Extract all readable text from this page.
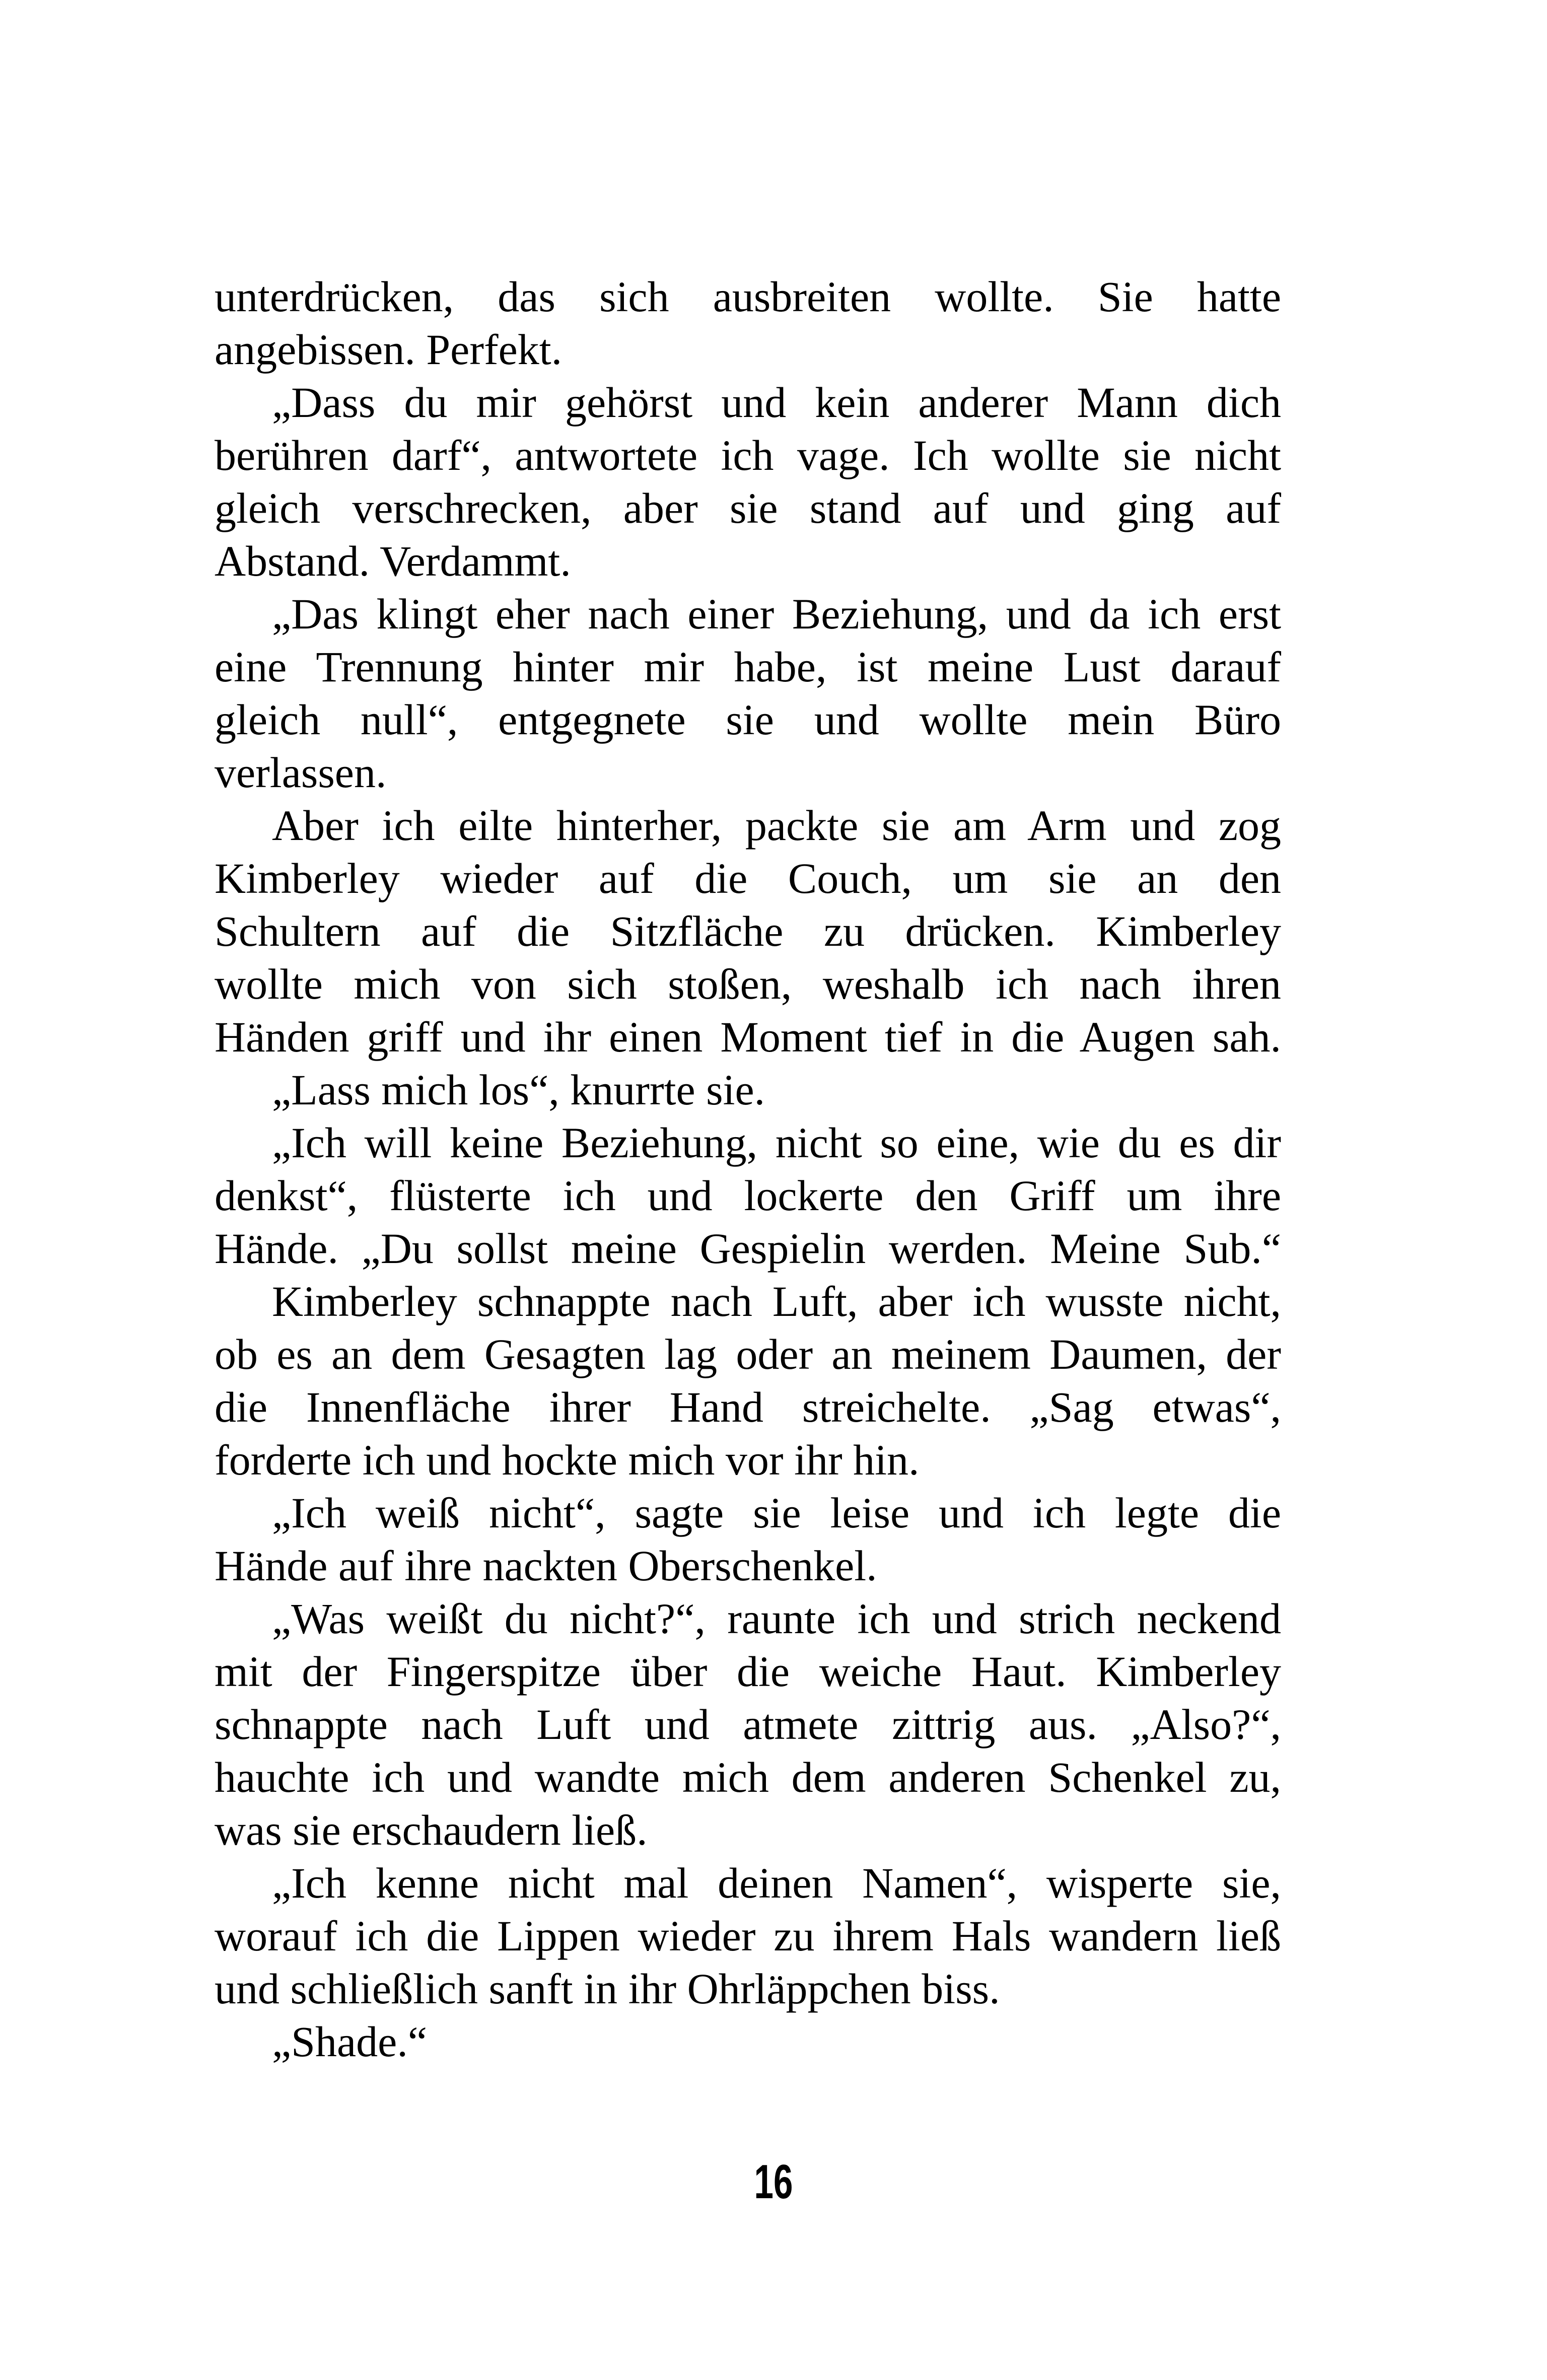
unterdrücken, das sich ausbreiten wollte. Sie hatte
angebissen. Perfekt.
„Dass du mir gehörst und kein anderer Mann dich
berühren darf“, antwortete ich vage. Ich wollte sie nicht
gleich verschrecken, aber sie stand auf und ging auf
Abstand. Verdammt.
„Das klingt eher nach einer Beziehung, und da ich erst
eine Trennung hinter mir habe, ist meine Lust darauf
gleich null“, entgegnete sie und wollte mein Büro
verlassen.
Aber ich eilte hinterher, packte sie am Arm und zog
Kimberley wieder auf die Couch, um sie an den
Schultern auf die Sitzfläche zu drücken. Kimberley
wollte mich von sich stoßen, weshalb ich nach ihren
Händen griff und ihr einen Moment tief in die Augen sah.
„Lass mich los“, knurrte sie.
„Ich will keine Beziehung, nicht so eine, wie du es dir
denkst“, flüsterte ich und lockerte den Griff um ihre
Hände. „Du sollst meine Gespielin werden. Meine Sub.“
Kimberley schnappte nach Luft, aber ich wusste nicht,
ob es an dem Gesagten lag oder an meinem Daumen, der
die Innenfläche ihrer Hand streichelte. „Sag etwas“,
forderte ich und hockte mich vor ihr hin.
„Ich weiß nicht“, sagte sie leise und ich legte die
Hände auf ihre nackten Oberschenkel.
„Was weißt du nicht?“, raunte ich und strich neckend
mit der Fingerspitze über die weiche Haut. Kimberley
schnappte nach Luft und atmete zittrig aus. „Also?“,
hauchte ich und wandte mich dem anderen Schenkel zu,
was sie erschaudern ließ.
„Ich kenne nicht mal deinen Namen“, wisperte sie,
worauf ich die Lippen wieder zu ihrem Hals wandern ließ
und schließlich sanft in ihr Ohrläppchen biss.
„Shade.“
16
